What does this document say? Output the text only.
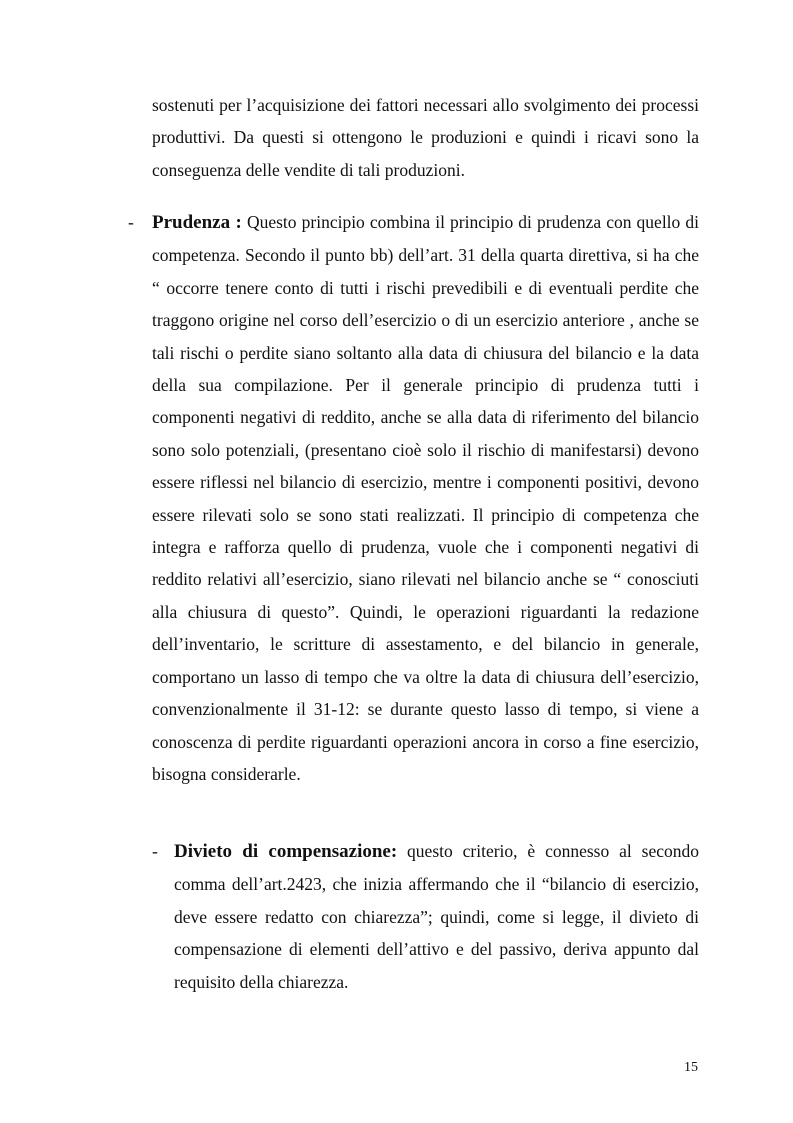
sostenuti per l’acquisizione dei fattori necessari allo svolgimento dei processi produttivi. Da questi si ottengono le produzioni e quindi i ricavi sono la conseguenza delle vendite di tali produzioni.

- Prudenza : Questo principio combina il principio di prudenza con quello di competenza. Secondo il punto bb) dell’art. 31 della quarta direttiva, si ha che “ occorre tenere conto di tutti i rischi prevedibili e di eventuali perdite che traggono origine nel corso dell’esercizio o di un esercizio anteriore , anche se tali rischi o perdite siano soltanto alla data di chiusura del bilancio e la data della sua compilazione. Per il generale principio di prudenza tutti i componenti negativi di reddito, anche se alla data di riferimento del bilancio sono solo potenziali, (presentano cioè solo il rischio di manifestarsi) devono essere riflessi nel bilancio di esercizio, mentre i componenti positivi, devono essere rilevati solo se sono stati realizzati. Il principio di competenza che integra e rafforza quello di prudenza, vuole che i componenti negativi di reddito relativi all’esercizio, siano rilevati nel bilancio anche se “ conosciuti alla chiusura di questo”. Quindi, le operazioni riguardanti la redazione dell’inventario, le scritture di assestamento, e del bilancio in generale, comportano un lasso di tempo che va oltre la data di chiusura dell’esercizio, convenzionalmente il 31-12: se durante questo lasso di tempo, si viene a conoscenza di perdite riguardanti operazioni ancora in corso a fine esercizio, bisogna considerarle.

- Divieto di compensazione: questo criterio, è connesso al secondo comma dell’art.2423, che inizia affermando che il “bilancio di esercizio, deve essere redatto con chiarezza”; quindi, come si legge, il divieto di compensazione di elementi dell’attivo e del passivo, deriva appunto dal requisito della chiarezza.

15
